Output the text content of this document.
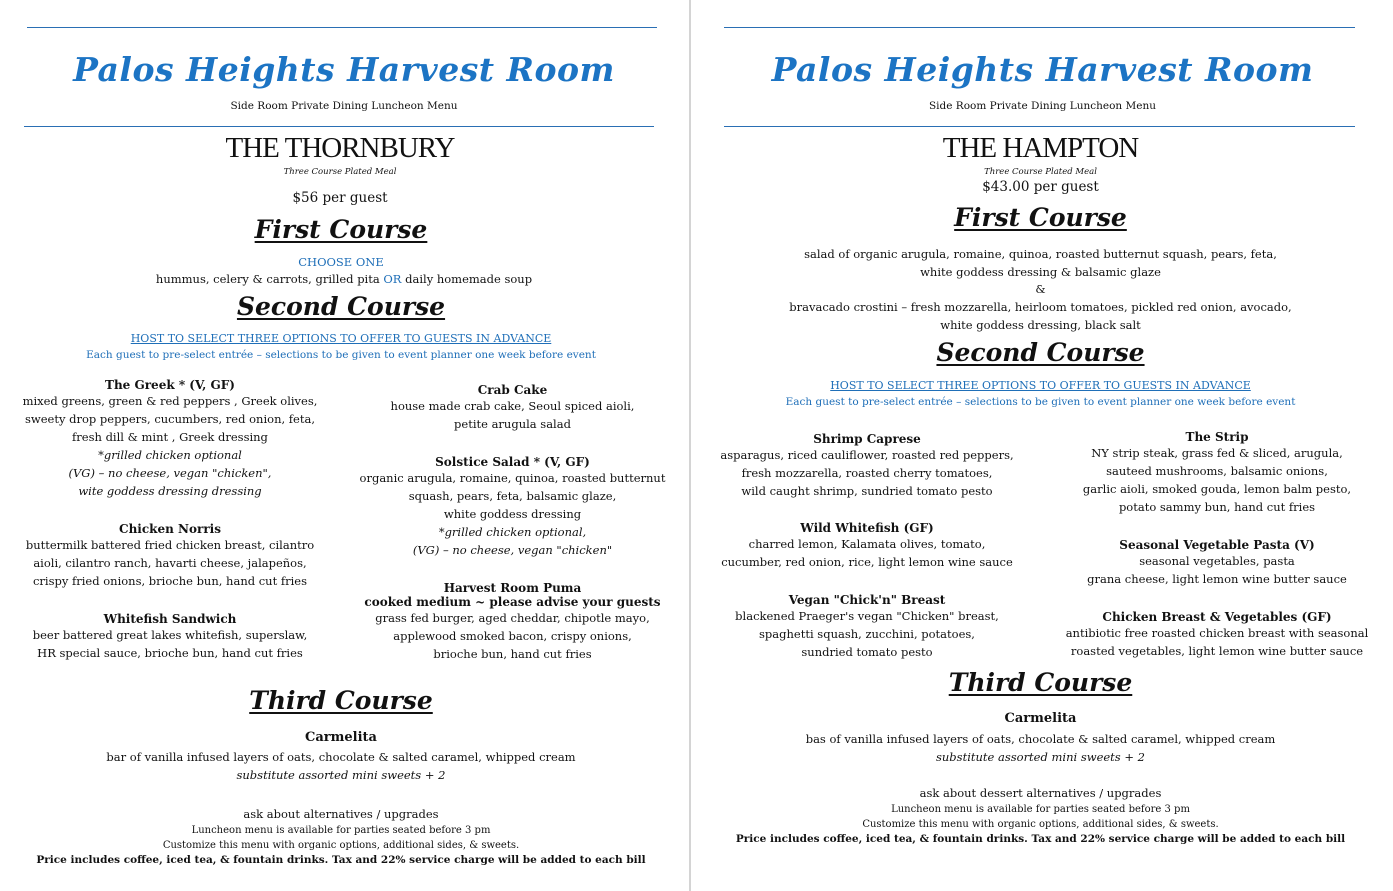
Palos Heights Harvest Room
Side Room Private Dining Luncheon Menu
THE THORNBURY
Three Course Plated Meal
$56 per guest
First Course
CHOOSE ONE
hummus, celery & carrots, grilled pita OR daily homemade soup
Second Course
HOST TO SELECT THREE OPTIONS TO OFFER TO GUESTS IN ADVANCE
Each guest to pre-select entrée – selections to be given to event planner one week before event
The Greek * (V, GF)
mixed greens, green & red peppers , Greek olives,
sweety drop peppers, cucumbers, red onion, feta,
fresh dill & mint , Greek dressing
*grilled chicken optional
(VG) – no cheese, vegan "chicken",
wite goddess dressing dressing
Chicken Norris
buttermilk battered fried chicken breast, cilantro
aioli, cilantro ranch, havarti cheese, jalapeños,
crispy fried onions, brioche bun, hand cut fries
Whitefish Sandwich
beer battered great lakes whitefish, superslaw,
HR special sauce, brioche bun, hand cut fries
Crab Cake
house made crab cake, Seoul spiced aioli,
petite arugula salad
Solstice Salad * (V, GF)
organic arugula, romaine, quinoa, roasted butternut
squash, pears, feta, balsamic glaze,
white goddess dressing
*grilled chicken optional,
(VG) – no cheese, vegan "chicken"
Harvest Room Puma
cooked medium ~ please advise your guests
grass fed burger, aged cheddar, chipotle mayo,
applewood smoked bacon, crispy onions,
brioche bun, hand cut fries
Third Course
Carmelita
bar of vanilla infused layers of oats, chocolate & salted caramel, whipped cream
substitute assorted mini sweets + 2
ask about alternatives / upgrades
Luncheon menu is available for parties seated before 3 pm
Customize this menu with organic options, additional sides, & sweets.
Price includes coffee, iced tea, & fountain drinks. Tax and 22% service charge will be added to each bill
Palos Heights Harvest Room
Side Room Private Dining Luncheon Menu
THE HAMPTON
Three Course Plated Meal
$43.00 per guest
First Course
salad of organic arugula, romaine, quinoa, roasted butternut squash, pears, feta,
white goddess dressing & balsamic glaze
&
bravacado crostini – fresh mozzarella, heirloom tomatoes, pickled red onion, avocado,
white goddess dressing, black salt
Second Course
HOST TO SELECT THREE OPTIONS TO OFFER TO GUESTS IN ADVANCE
Each guest to pre-select entrée – selections to be given to event planner one week before event
Shrimp Caprese
asparagus, riced cauliflower, roasted red peppers,
fresh mozzarella, roasted cherry tomatoes,
wild caught shrimp, sundried tomato pesto
Wild Whitefish (GF)
charred lemon, Kalamata olives, tomato,
cucumber, red onion, rice, light lemon wine sauce
Vegan "Chick'n" Breast
blackened Praeger's vegan "Chicken" breast,
spaghetti squash, zucchini, potatoes,
sundried tomato pesto
The Strip
NY strip steak, grass fed & sliced, arugula,
sauteed mushrooms, balsamic onions,
garlic aioli, smoked gouda, lemon balm pesto,
potato sammy bun, hand cut fries
Seasonal Vegetable Pasta (V)
seasonal vegetables, pasta
grana cheese, light lemon wine butter sauce
Chicken Breast & Vegetables (GF)
antibiotic free roasted chicken breast with seasonal
roasted vegetables, light lemon wine butter sauce
Third Course
Carmelita
bas of vanilla infused layers of oats, chocolate & salted caramel, whipped cream
substitute assorted mini sweets + 2
ask about dessert alternatives / upgrades
Luncheon menu is available for parties seated before 3 pm
Customize this menu with organic options, additional sides, & sweets.
Price includes coffee, iced tea, & fountain drinks. Tax and 22% service charge will be added to each bill
